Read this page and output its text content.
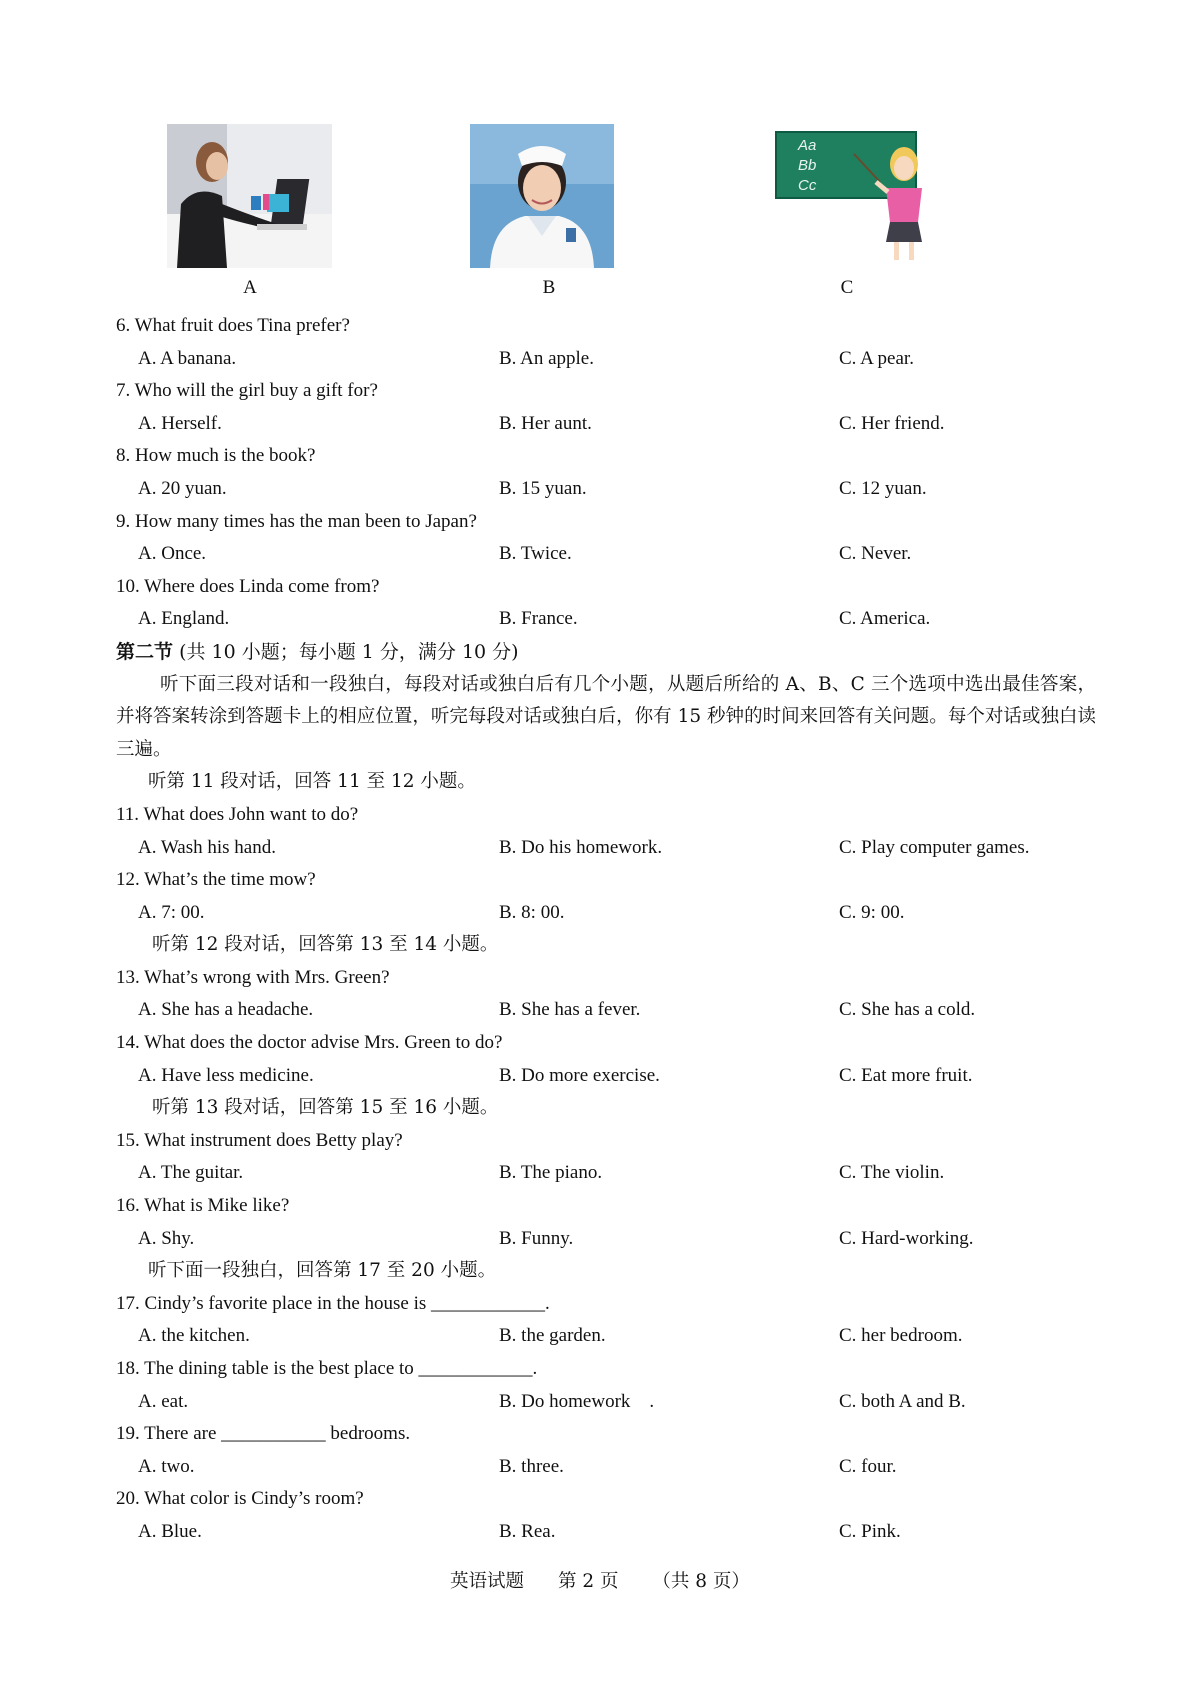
Aa
Bb
Cc
A	B	C
6. What fruit does Tina prefer?
A. A banana.	B. An apple.	C. A pear.
7. Who will the girl buy a gift for?
A. Herself.	B. Her aunt.	C. Her friend.
8. How much is the book?
A. 20 yuan.	B. 15 yuan.	C. 12 yuan.
9. How many times has the man been to Japan?
A. Once.	B. Twice.	C. Never.
10. Where does Linda come from?
A. England.	B. France.	C. America.
第二节 (共 10 小题；每小题 1 分，满分 10 分)
听下面三段对话和一段独白，每段对话或独白后有几个小题，从题后所给的 A、B、C 三个选项中选出最佳答案，并将答案转涂到答题卡上的相应位置，听完每段对话或独白后，你有 15 秒钟的时间来回答有关问题。每个对话或独白读三遍。
听第 11 段对话，回答 11 至 12 小题。
11. What does John want to do?
A. Wash his hand.	B. Do his homework.	C. Play computer games.
12. What’s the time mow?
A. 7: 00.	B. 8: 00.	C. 9: 00.
听第 12 段对话，回答第 13 至 14 小题。
13. What’s wrong with Mrs. Green?
A. She has a headache.	B. She has a fever.	C. She has a cold.
14. What does the doctor advise Mrs. Green to do?
A. Have less medicine.	B. Do more exercise.	C. Eat more fruit.
听第 13 段对话，回答第 15 至 16 小题。
15. What instrument does Betty play?
A. The guitar.	B. The piano.	C. The violin.
16. What is Mike like?
A. Shy.	B. Funny.	C. Hard-working.
听下面一段独白，回答第 17 至 20 小题。
17. Cindy’s favorite place in the house is ____________.
A. the kitchen.	B. the garden.	C. her bedroom.
18. The dining table is the best place to ____________.
A. eat.	B. Do homework    .	C. both A and B.
19. There are ___________ bedrooms.
A. two.	B. three.	C. four.
20. What color is Cindy’s room?
A. Blue.	B. Rea.	C. Pink.
英语试题 第 2 页 （共 8 页）
